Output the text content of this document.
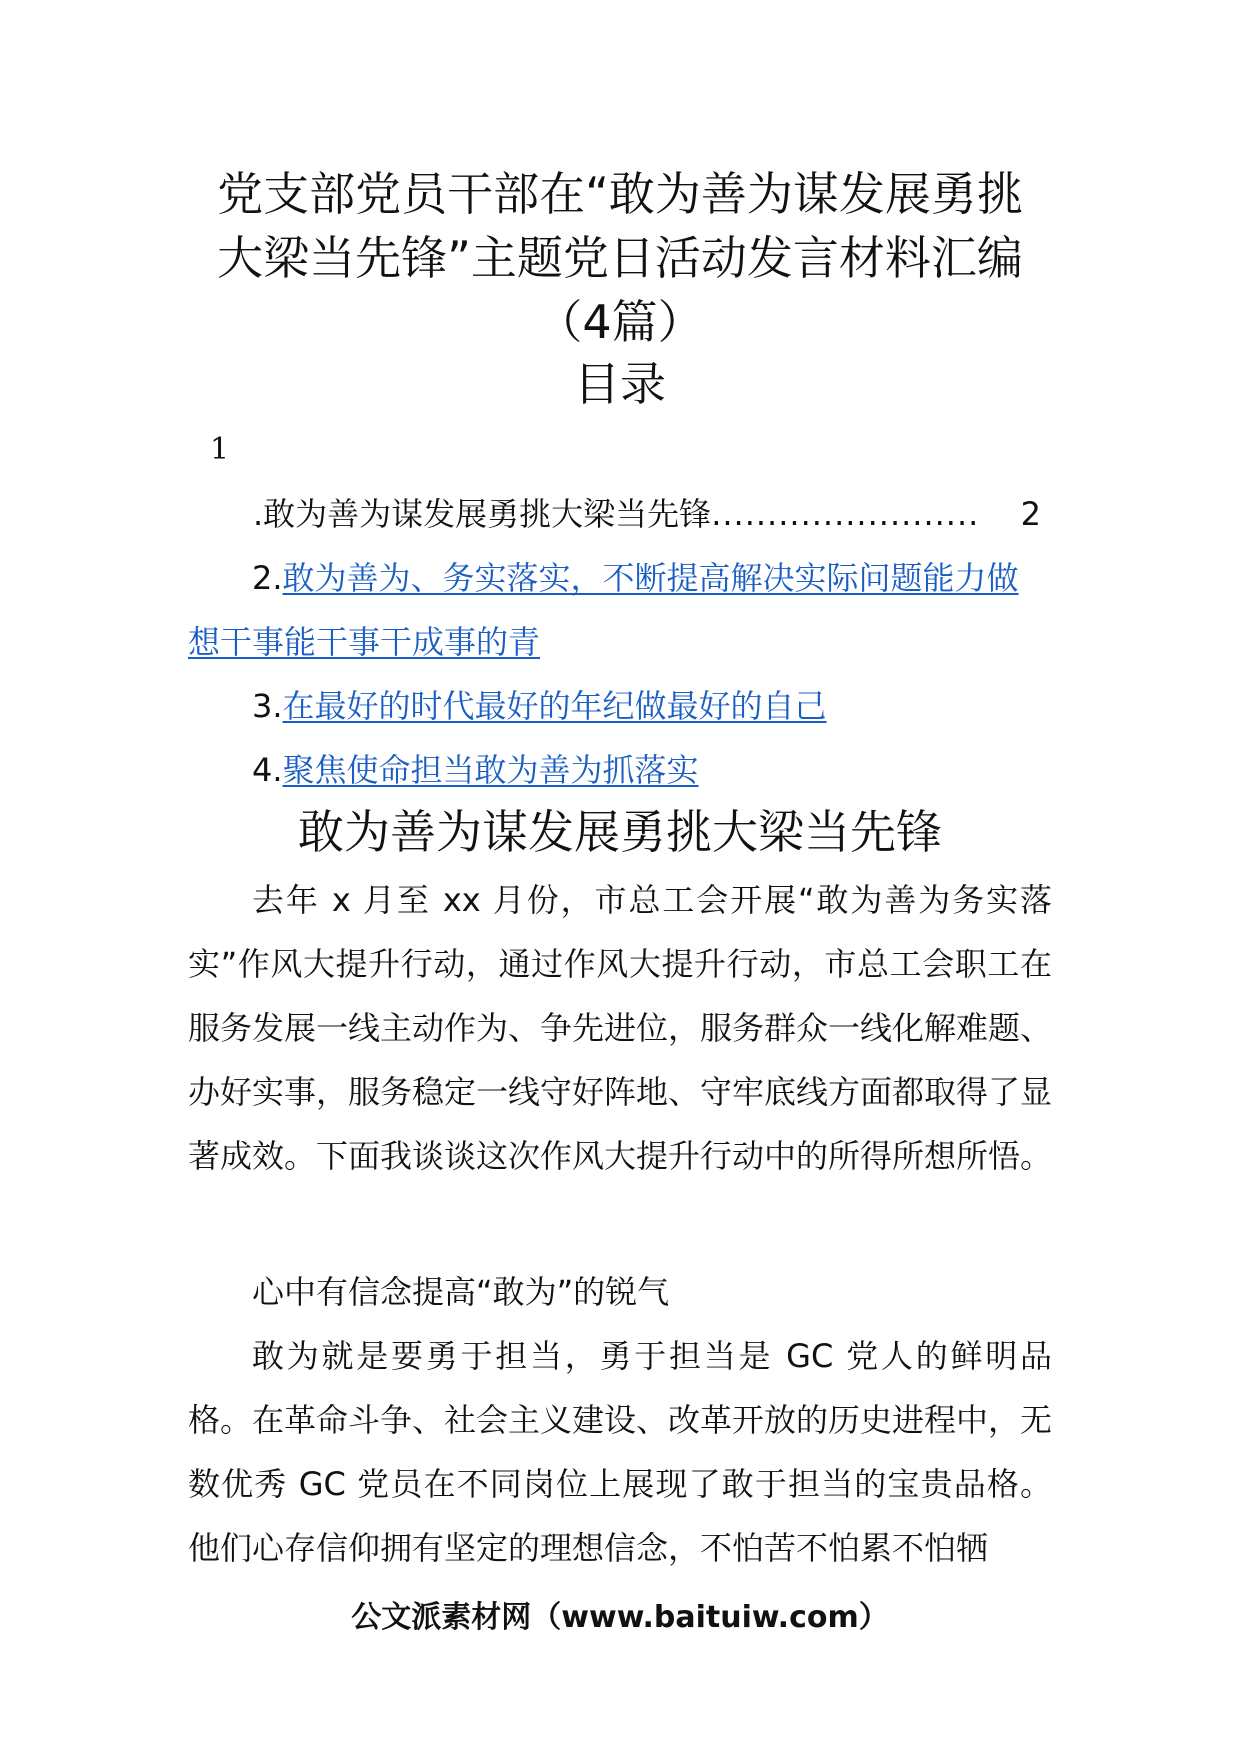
党支部党员干部在“敢为善为谋发展勇挑
大梁当先锋”主题党日活动发言材料汇编
（4篇）
目录
1
.敢为善为谋发展勇挑大梁当先锋 ........................	2
2.敢为善为、务实落实，不断提高解决实际问题能力做
想干事能干事干成事的青
3.在最好的时代最好的年纪做最好的自己
4.聚焦使命担当敢为善为抓落实
敢为善为谋发展勇挑大梁当先锋

去年 x 月至 xx 月份，市总工会开展“敢为善为务实落实”作风大提升行动，通过作风大提升行动，市总工会职工在服务发展一线主动作为、争先进位，服务群众一线化解难题、办好实事，服务稳定一线守好阵地、守牢底线方面都取得了显著成效。下面我谈谈这次作风大提升行动中的所得所想所悟。

心中有信念提高“敢为”的锐气

敢为就是要勇于担当，勇于担当是 GC 党人的鲜明品格。在革命斗争、社会主义建设、改革开放的历史进程中，无数优秀 GC 党员在不同岗位上展现了敢于担当的宝贵品格。他们心存信仰拥有坚定的理想信念，不怕苦不怕累不怕牺

公文派素材网（www.baituiw.com）
